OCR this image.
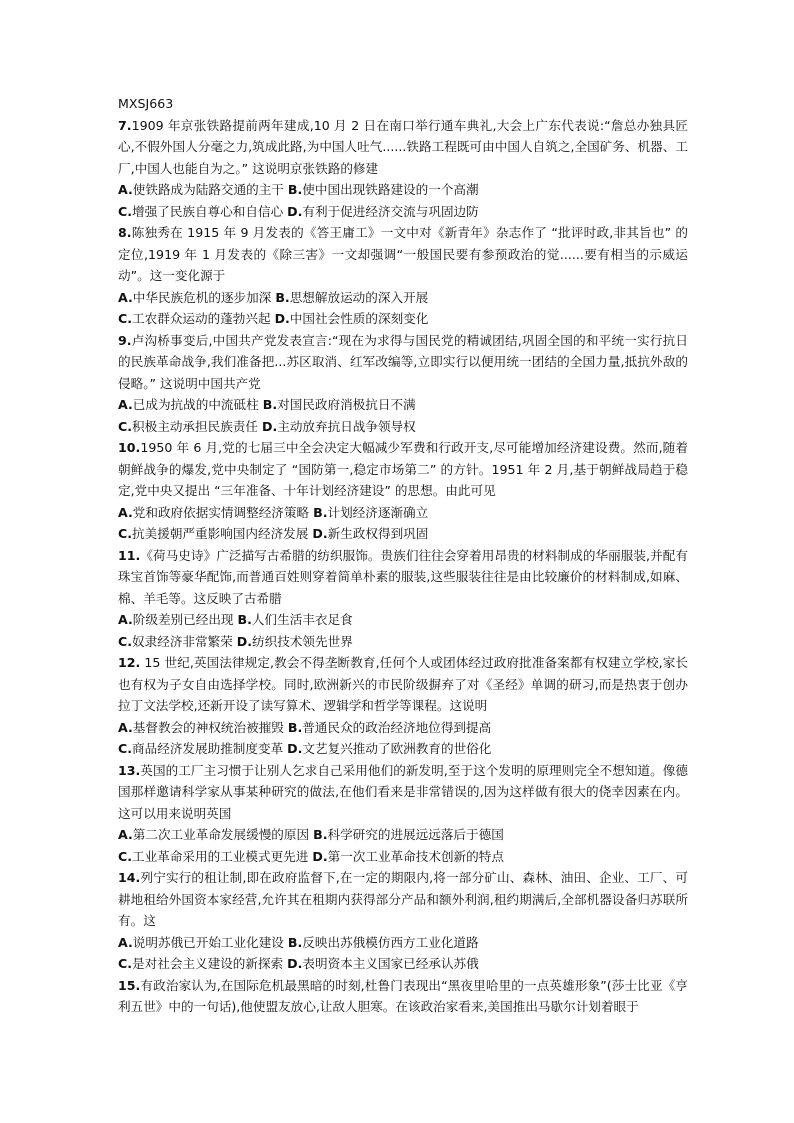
MXSJ663

7.1909 年京张铁路提前两年建成,10 月 2 日在南口举行通车典礼,大会上广东代表说:“詹总办独具匠心,不假外国人分毫之力,筑成此路,为中国人吐气......铁路工程既可由中国人自筑之,全国矿务、机器、工厂,中国人也能自为之。” 这说明京张铁路的修建

A.使铁路成为陆路交通的主干 B.使中国出现铁路建设的一个高潮

C.增强了民族自尊心和自信心 D.有利于促进经济交流与巩固边防

8.陈独秀在 1915 年 9 月发表的《答王庸工》一文中对《新青年》杂志作了 “批评时政,非其旨也” 的定位,1919 年 1 月发表的《除三害》一文却强调“一般国民要有参预政治的觉......要有相当的示威运动”。这一变化源于

A.中华民族危机的逐步加深 B.思想解放运动的深入开展

C.工农群众运动的蓬勃兴起 D.中国社会性质的深刻变化

9.卢沟桥事变后,中国共产党发表宣言:“现在为求得与国民党的精诚团结,巩固全国的和平统一实行抗日的民族革命战争,我们准备把...苏区取消、红军改编等,立即实行以便用统一团结的全国力量,抵抗外敌的侵略。” 这说明中国共产党

A.已成为抗战的中流砥柱 B.对国民政府消极抗日不满

C.积极主动承担民族责任 D.主动放弃抗日战争领导权

10.1950 年 6 月,党的七届三中全会决定大幅减少军费和行政开支,尽可能增加经济建设费。然而,随着朝鲜战争的爆发,党中央制定了 “国防第一,稳定市场第二” 的方针。1951 年 2 月,基于朝鲜战局趋于稳定,党中央又提出 “三年准备、十年计划经济建设” 的思想。由此可见

A.党和政府依据实情调整经济策略 B.计划经济逐渐确立

C.抗美援朝严重影响国内经济发展 D.新生政权得到巩固

11.《荷马史诗》广泛描写古希腊的纺织服饰。贵族们往往会穿着用昂贵的材料制成的华丽服装,并配有珠宝首饰等豪华配饰,而普通百姓则穿着简单朴素的服装,这些服装往往是由比较廉价的材料制成,如麻、棉、羊毛等。这反映了古希腊

A.阶级差别已经出现 B.人们生活丰衣足食

C.奴隶经济非常繁荣 D.纺织技术领先世界

12. 15 世纪,英国法律规定,教会不得垄断教育,任何个人或团体经过政府批准备案都有权建立学校,家长也有权为子女自由选择学校。同时,欧洲新兴的市民阶级摒弃了对《圣经》单调的研习,而是热衷于创办拉丁文法学校,还新开设了读写算术、逻辑学和哲学等课程。这说明

A.基督教会的神权统治被摧毁 B.普通民众的政治经济地位得到提高

C.商品经济发展助推制度变革 D.文艺复兴推动了欧洲教育的世俗化

13.英国的工厂主习惯于让别人乞求自己采用他们的新发明,至于这个发明的原理则完全不想知道。像德国那样邀请科学家从事某种研究的做法,在他们看来是非常错误的,因为这样做有很大的侥幸因素在内。这可以用来说明英国

A.第二次工业革命发展缓慢的原因 B.科学研究的进展远远落后于德国

C.工业革命采用的工业模式更先进 D.第一次工业革命技术创新的特点

14.列宁实行的租让制,即在政府监督下,在一定的期限内,将一部分矿山、森林、油田、企业、工厂、可耕地租给外国资本家经营,允许其在租期内获得部分产品和额外利润,租约期满后,全部机器设备归苏联所有。这

A.说明苏俄已开始工业化建设 B.反映出苏俄模仿西方工业化道路

C.是对社会主义建设的新探索 D.表明资本主义国家已经承认苏俄

15.有政治家认为,在国际危机最黑暗的时刻,杜鲁门表现出“黑夜里哈里的一点英雄形象”(莎士比亚《亨利五世》中的一句话),他使盟友放心,让敌人胆寒。在该政治家看来,美国推出马歇尔计划着眼于
